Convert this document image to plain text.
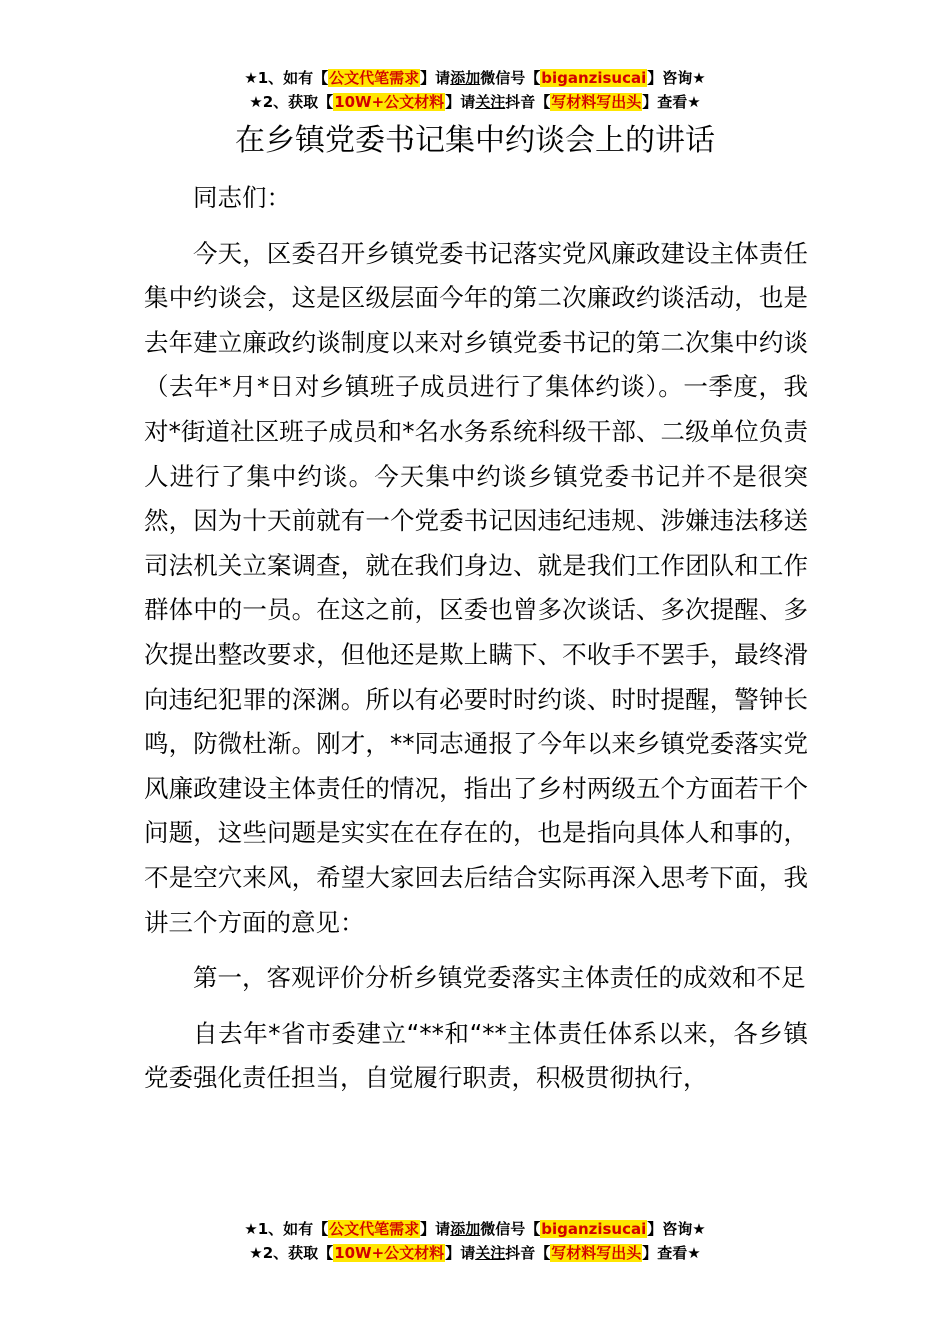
★1、如有【公文代笔需求】请添加微信号【biganzisucai】咨询★
★2、获取【10W+公文材料】请关注抖音【写材料写出头】查看★
在乡镇党委书记集中约谈会上的讲话

同志们：

今天，区委召开乡镇党委书记落实党风廉政建设主体责任集中约谈会，这是区级层面今年的第二次廉政约谈活动，也是去年建立廉政约谈制度以来对乡镇党委书记的第二次集中约谈（去年*月*日对乡镇班子成员进行了集体约谈）。一季度，我对*街道社区班子成员和*名水务系统科级干部、二级单位负责人进行了集中约谈。今天集中约谈乡镇党委书记并不是很突然，因为十天前就有一个党委书记因违纪违规、涉嫌违法移送司法机关立案调查，就在我们身边、就是我们工作团队和工作群体中的一员。在这之前，区委也曾多次谈话、多次提醒、多次提出整改要求，但他还是欺上瞒下、不收手不罢手，最终滑向违纪犯罪的深渊。所以有必要时时约谈、时时提醒，警钟长鸣，防微杜渐。刚才，**同志通报了今年以来乡镇党委落实党风廉政建设主体责任的情况，指出了乡村两级五个方面若干个问题，这些问题是实实在在存在的，也是指向具体人和事的，不是空穴来风，希望大家回去后结合实际再深入思考下面，我讲三个方面的意见：

第一，客观评价分析乡镇党委落实主体责任的成效和不足

自去年*省市委建立“**和“**主体责任体系以来，各乡镇党委强化责任担当，自觉履行职责，积极贯彻执行，

★1、如有【公文代笔需求】请添加微信号【biganzisucai】咨询★
★2、获取【10W+公文材料】请关注抖音【写材料写出头】查看★
